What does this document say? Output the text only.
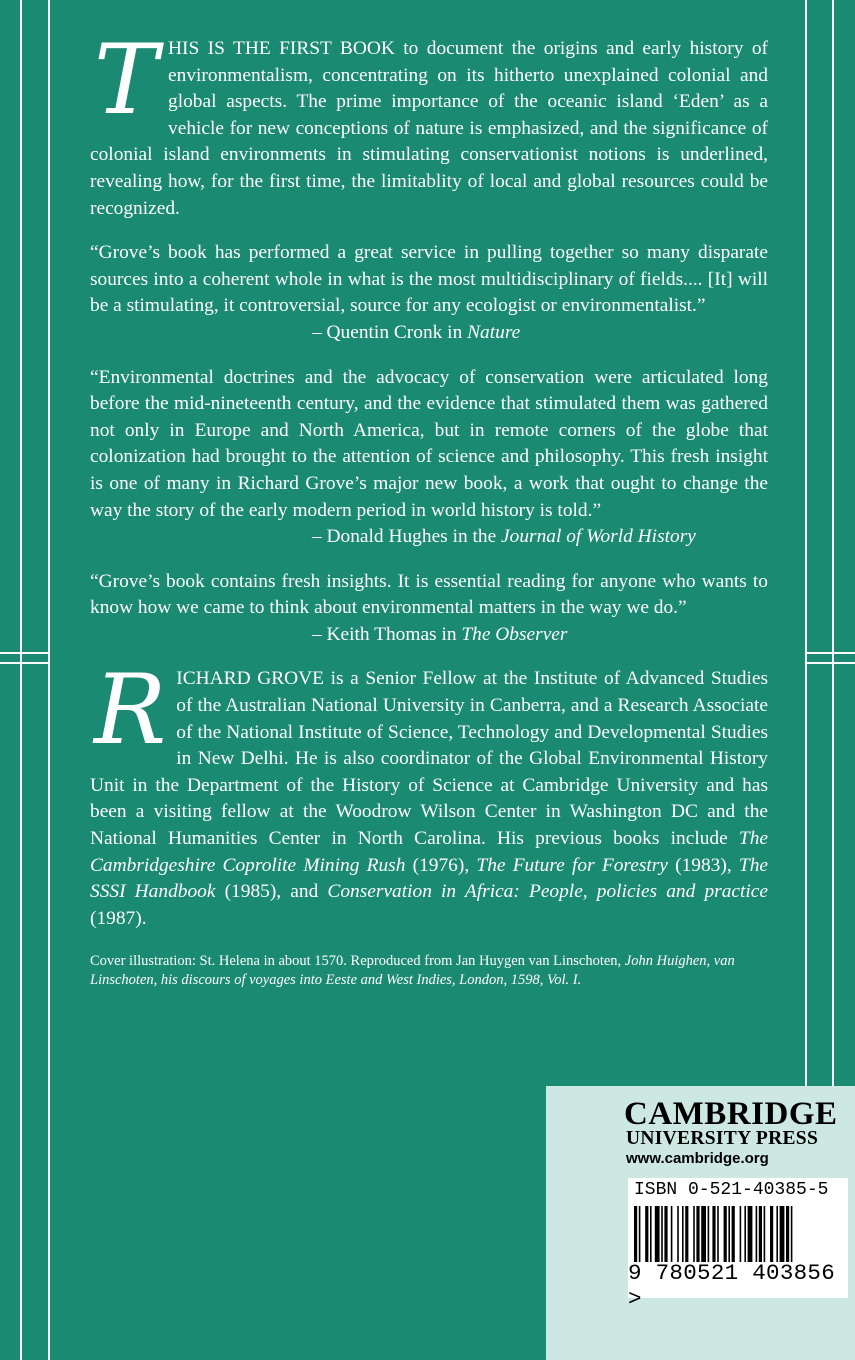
THIS IS THE FIRST BOOK to document the origins and early history of environmentalism, concentrating on its hitherto unexplained colonial and global aspects. The prime importance of the oceanic island ‘Eden’ as a vehicle for new conceptions of nature is emphasized, and the significance of colonial island environments in stimulating conservationist notions is underlined, revealing how, for the first time, the limitablity of local and global resources could be recognized.

“Grove’s book has performed a great service in pulling together so many disparate sources into a coherent whole in what is the most multidisciplinary of fields.... [It] will be a stimulating, it controversial, source for any ecologist or environmentalist.”

– Quentin Cronk in Nature

“Environmental doctrines and the advocacy of conservation were articulated long before the mid-nineteenth century, and the evidence that stimulated them was gathered not only in Europe and North America, but in remote corners of the globe that colonization had brought to the attention of science and philosophy. This fresh insight is one of many in Richard Grove’s major new book, a work that ought to change the way the story of the early modern period in world history is told.”

– Donald Hughes in the Journal of World History

“Grove’s book contains fresh insights. It is essential reading for anyone who wants to know how we came to think about environmental matters in the way we do.”

– Keith Thomas in The Observer

RICHARD GROVE is a Senior Fellow at the Institute of Advanced Studies of the Australian National University in Canberra, and a Research Associate of the National Institute of Science, Technology and Developmental Studies in New Delhi. He is also coordinator of the Global Environmental History Unit in the Department of the History of Science at Cambridge University and has been a visiting fellow at the Woodrow Wilson Center in Washington DC and the National Humanities Center in North Carolina. His previous books include The Cambridgeshire Coprolite Mining Rush (1976), The Future for Forestry (1983), The SSSI Handbook (1985), and Conservation in Africa: People, policies and practice (1987).

Cover illustration: St. Helena in about 1570. Reproduced from Jan Huygen van Linschoten, John Huighen, van Linschoten, his discours of voyages into Eeste and West Indies, London, 1598, Vol. I.

CAMBRIDGE
UNIVERSITY PRESS
www.cambridge.org
ISBN 0-521-40385-5
9 780521 403856 >
